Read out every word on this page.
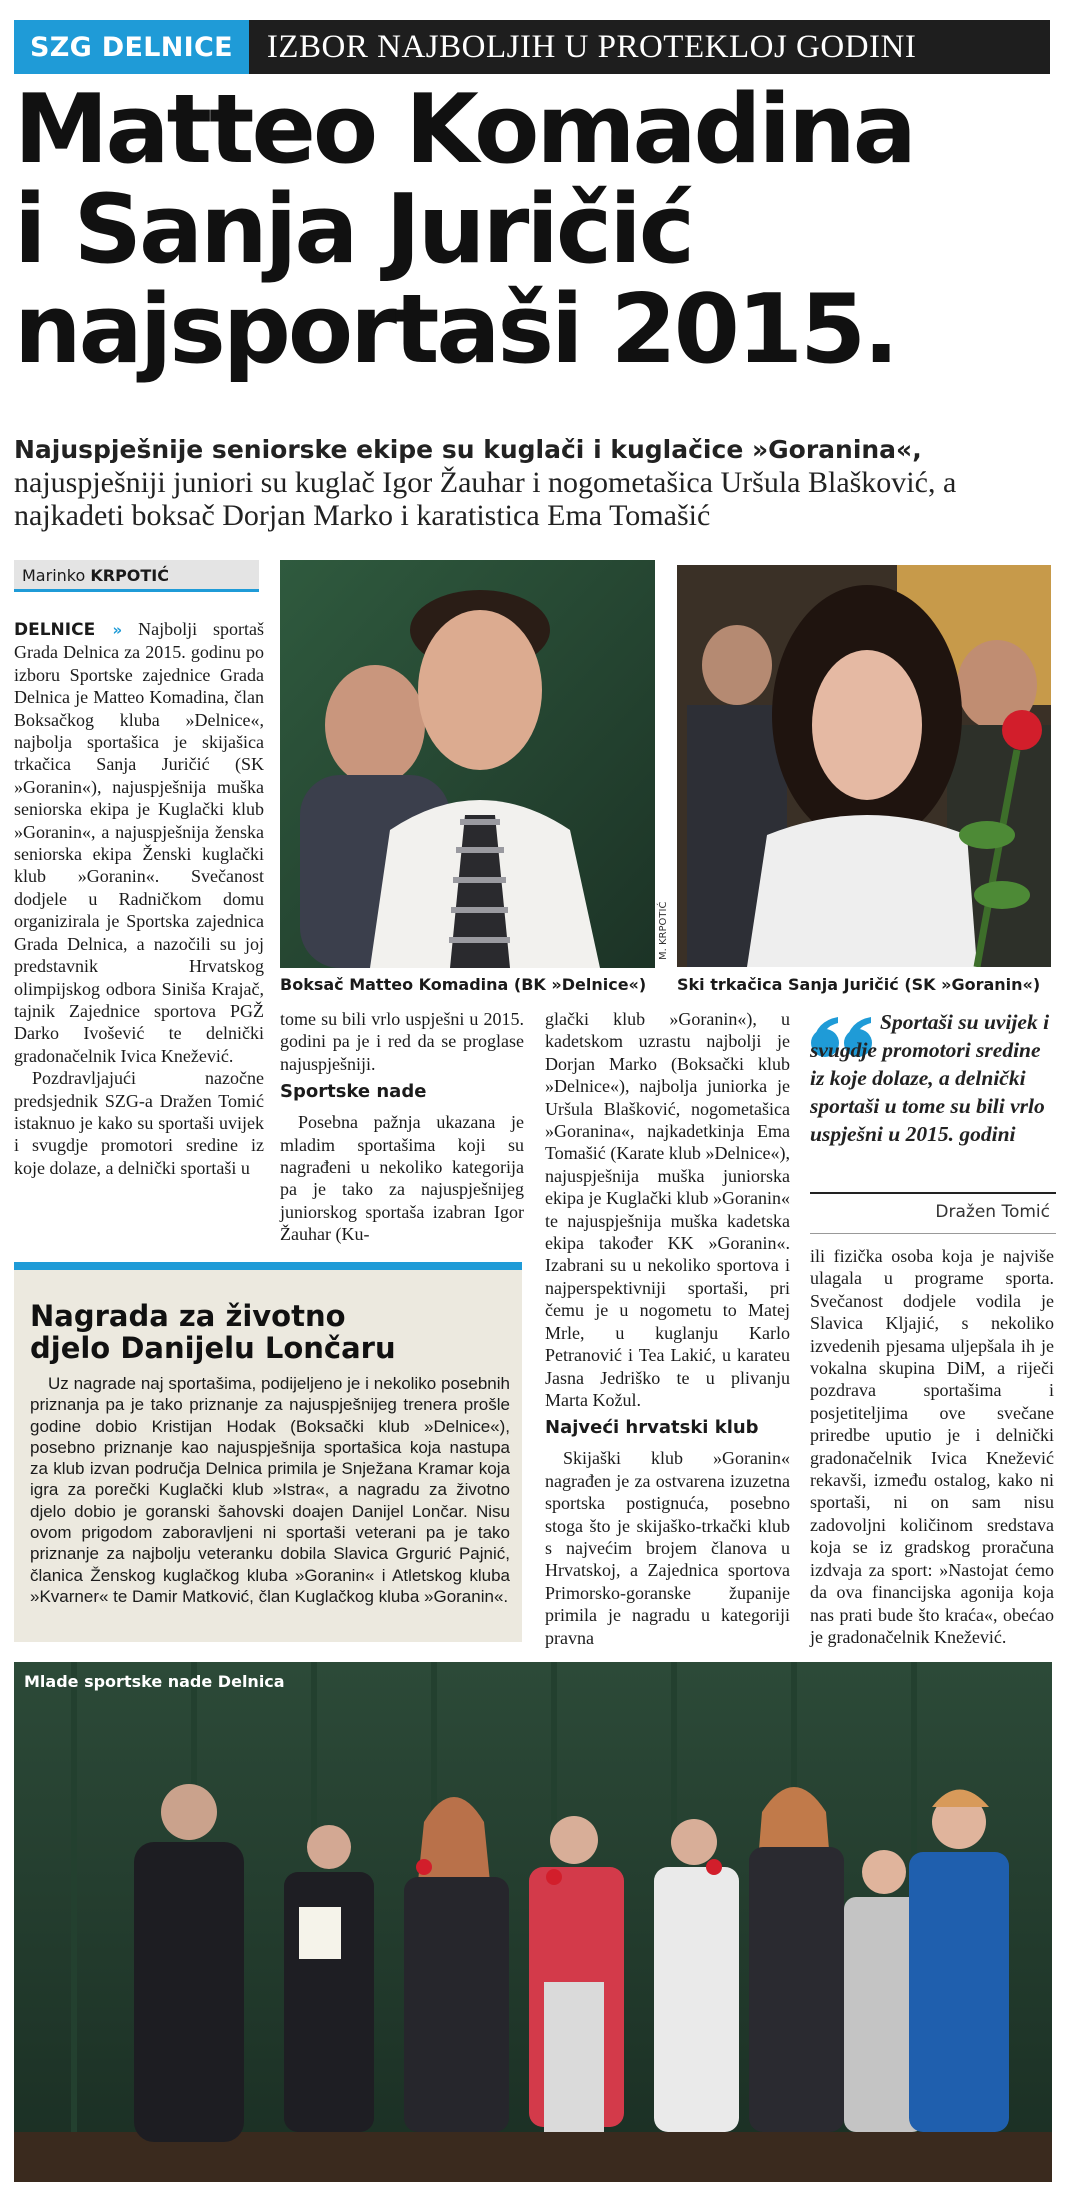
SZG DELNICE	IZBOR NAJBOLJIH U PROTEKLOJ GODINI
Matteo Komadina
i Sanja Juričić
najsportaši 2015.
Najuspješnije seniorske ekipe su kuglači i kuglačice »Goranina«, najuspješniji juniori su kuglač Igor Žauhar i nogometašica Uršula Blašković, a najkadeti boksač Dorjan Marko i karatistica Ema Tomašić
Marinko KRPOTIĆ

DELNICE » Najbolji sportaš Grada Delnica za 2015. godinu po izboru Sportske zajednice Grada Delnica je Matteo Komadina, član Boksačkog kluba »Delnice«, najbolja sportašica je skijašica trkačica Sanja Juričić (SK »Goranin«), najuspješnija muška seniorska ekipa je Kuglački klub »Goranin«, a najuspješnija ženska seniorska ekipa Ženski kuglački klub »Goranin«. Svečanost dodjele u Radničkom domu organizirala je Sportska zajednica Grada Delnica, a nazočili su joj predstavnik Hrvatskog olimpijskog odbora Siniša Krajač, tajnik Zajednice sportova PGŽ Darko Ivošević te delnički gradonačelnik Ivica Knežević.

Pozdravljajući nazočne predsjednik SZG-a Dražen Tomić istaknuo je kako su sportaši uvijek i svugdje promotori sredine iz koje dolaze, a delnički sportaši u

M. KRPOTIĆ
Boksač Matteo Komadina (BK »Delnice«) Ski trkačica Sanja Juričić (SK »Goranin«)

tome su bili vrlo uspješni u 2015. godini pa je i red da se proglase najuspješniji.

Sportske nade

Posebna pažnja ukazana je mladim sportašima koji su nagrađeni u nekoliko kategorija pa je tako za najuspješnijeg juniorskog sportaša izabran Igor Žauhar (Ku-

glački klub »Goranin«), u kadetskom uzrastu najbolji je Dorjan Marko (Boksački klub »Delnice«), najbolja juniorka je Uršula Blašković, nogometašica »Goranina«, najkadetkinja Ema Tomašić (Karate klub »Delnice«), najuspješnija muška juniorska ekipa je Kuglački klub »Goranin« te najuspješnija muška kadetska ekipa također KK »Goranin«. Izabrani su u nekoliko sportova i najperspektivniji sportaši, pri čemu je u nogometu to Matej Mrle, u kuglanju Karlo Petranović i Tea Lakić, u karateu Jasna Jedriško te u plivanju Marta Kožul.

Najveći hrvatski klub

Skijaški klub »Goranin« nagrađen je za ostvarena izuzetna sportska postignuća, posebno stoga što je skijaško-trkački klub s najvećim brojem članova u Hrvatskoj, a Zajednica sportova Primorsko-goranske županije primila je nagradu u kategoriji pravna

Sportaši su uvijek i svugdje promotori sredine iz koje dolaze, a delnički sportaši u tome su bili vrlo uspješni u 2015. godini
Dražen Tomić

ili fizička osoba koja je najviše ulagala u programe sporta. Svečanost dodjele vodila je Slavica Kljajić, s nekoliko izvedenih pjesama uljepšala ih je vokalna skupina DiM, a riječi pozdrava sportašima i posjetiteljima ove svečane priredbe uputio je i delnički gradonačelnik Ivica Knežević rekavši, između ostalog, kako ni sportaši, ni on sam nisu zadovoljni količinom sredstava koja se iz gradskog proračuna izdvaja za sport: »Nastojat ćemo da ova financijska agonija koja nas prati bude što kraća«, obećao je gradonačelnik Knežević.

Nagrada za životno
djelo Danijelu Lončaru
Uz nagrade naj sportašima, podijeljeno je i nekoliko posebnih priznanja pa je tako priznanje za najuspješnijeg trenera prošle godine dobio Kristijan Hodak (Boksački klub »Delnice«), posebno priznanje kao najuspješnija sportašica koja nastupa za klub izvan područja Delnica primila je Snježana Kramar koja igra za porečki Kuglački klub »Istra«, a nagradu za životno djelo dobio je goranski šahovski doajen Danijel Lončar. Nisu ovom prigodom zaboravljeni ni sportaši veterani pa je tako priznanje za najbolju veteranku dobila Slavica Grgurić Pajnić, članica Ženskog kuglačkog kluba »Goranin« i Atletskog kluba »Kvarner« te Damir Matković, član Kuglačkog kluba »Goranin«.
Mlade sportske nade Delnica
